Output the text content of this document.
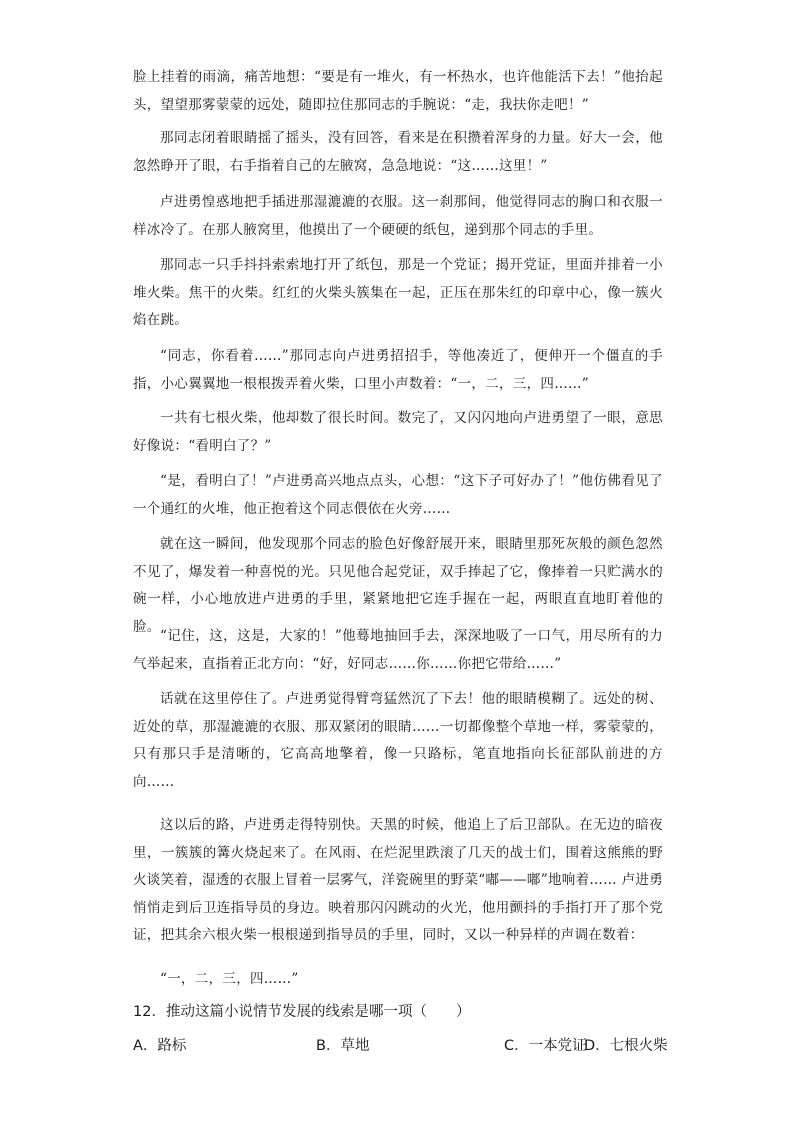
脸上挂着的雨滴，痛苦地想：“要是有一堆火，有一杯热水，也许他能活下去！”他抬起头，望望那雾蒙蒙的远处，随即拉住那同志的手腕说：“走，我扶你走吧！”

那同志闭着眼睛摇了摇头，没有回答，看来是在积攒着浑身的力量。好大一会，他忽然睁开了眼，右手指着自己的左腋窝，急急地说：“这……这里！”

卢进勇惶惑地把手插进那湿漉漉的衣服。这一刹那间，他觉得同志的胸口和衣服一样冰冷了。在那人腋窝里，他摸出了一个硬硬的纸包，递到那个同志的手里。

那同志一只手抖抖索索地打开了纸包，那是一个党证；揭开党证，里面并排着一小堆火柴。焦干的火柴。红红的火柴头簇集在一起，正压在那朱红的印章中心，像一簇火焰在跳。

“同志，你看着……”那同志向卢进勇招招手，等他凑近了，便伸开一个僵直的手指，小心翼翼地一根根拨弄着火柴，口里小声数着：“一，二，三，四……”

一共有七根火柴，他却数了很长时间。数完了，又闪闪地向卢进勇望了一眼，意思好像说：“看明白了？”

“是，看明白了！”卢进勇高兴地点点头，心想：“这下子可好办了！”他仿佛看见了一个通红的火堆，他正抱着这个同志偎依在火旁……

就在这一瞬间，他发现那个同志的脸色好像舒展开来，眼睛里那死灰般的颜色忽然不见了，爆发着一种喜悦的光。只见他合起党证，双手捧起了它，像捧着一只贮满水的碗一样，小心地放进卢进勇的手里，紧紧地把它连手握在一起，两眼直直地盯着他的脸。

“记住，这，这是，大家的！”他蓦地抽回手去，深深地吸了一口气，用尽所有的力气举起来，直指着正北方向：“好，好同志……你……你把它带给……”

话就在这里停住了。卢进勇觉得臂弯猛然沉了下去！他的眼睛模糊了。远处的树、近处的草，那湿漉漉的衣服、那双紧闭的眼睛……一切都像整个草地一样，雾蒙蒙的，只有那只手是清晰的，它高高地擎着，像一只路标，笔直地指向长征部队前进的方向……

这以后的路，卢进勇走得特别快。天黑的时候，他追上了后卫部队。在无边的暗夜里，一簇簇的篝火烧起来了。在风雨、在烂泥里跌滚了几天的战士们，围着这熊熊的野火谈笑着，湿透的衣服上冒着一层雾气，洋瓷碗里的野菜“嘟——嘟”地响着…… 卢进勇悄悄走到后卫连指导员的身边。映着那闪闪跳动的火光，他用颤抖的手指打开了那个党证，把其余六根火柴一根根递到指导员的手里，同时，又以一种异样的声调在数着：

“一，二，三，四……”

12．推动这篇小说情节发展的线索是哪一项（　　）

A．路标	B．草地	C．一本党证
D．七根火柴
